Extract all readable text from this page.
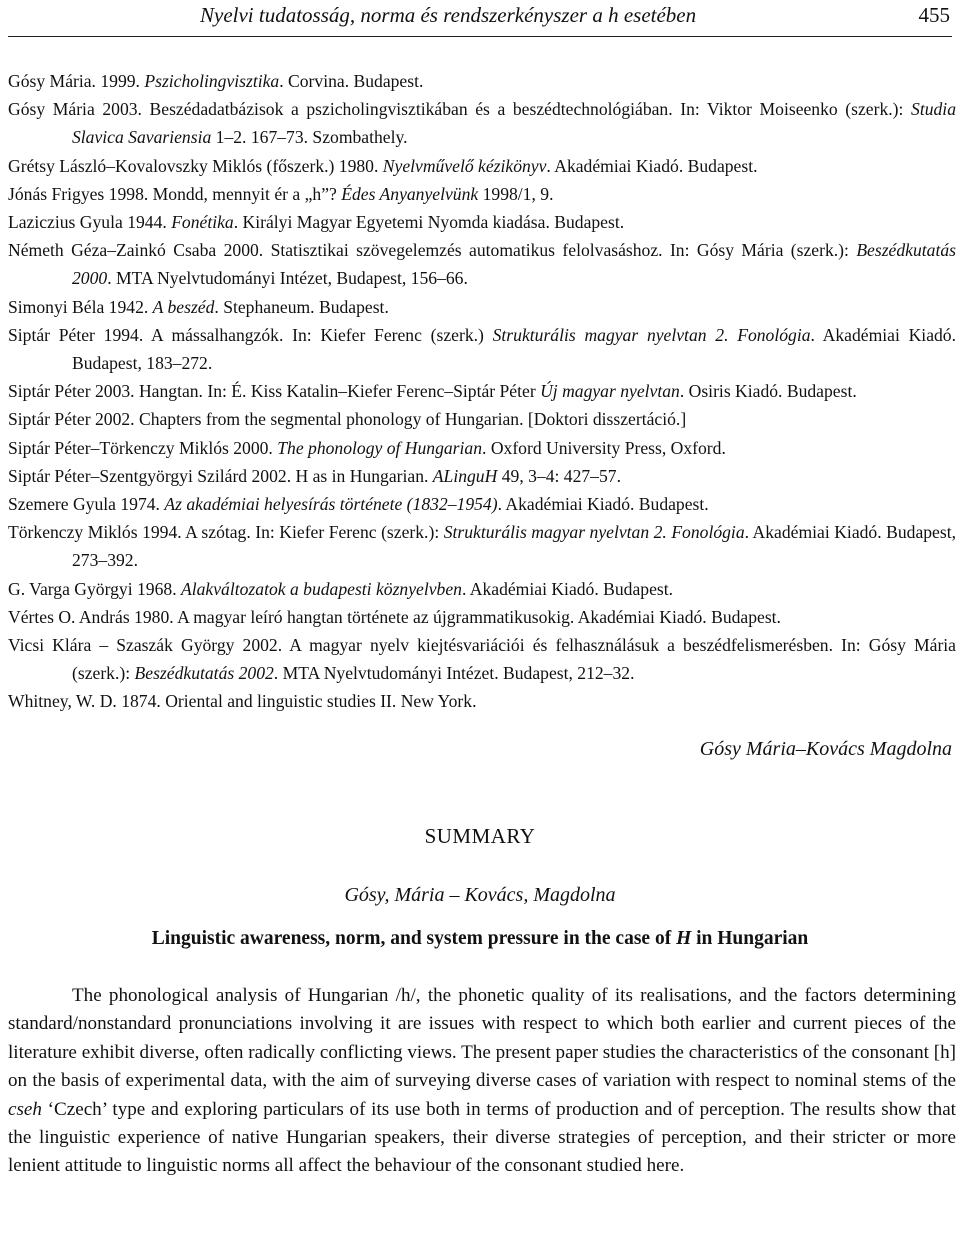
Nyelvi tudatosság, norma és rendszerkényszer a h esetében	455

Gósy Mária. 1999. Pszicholingvisztika. Corvina. Budapest.

Gósy Mária 2003. Beszédadatbázisok a pszicholingvisztikában és a beszédtechnológiában. In: Viktor Moiseenko (szerk.): Studia Slavica Savariensia 1–2. 167–73. Szombathely.

Grétsy László–Kovalovszky Miklós (főszerk.) 1980. Nyelvművelő kézikönyv. Akadémiai Kiadó. Budapest.

Jónás Frigyes 1998. Mondd, mennyit ér a „h”? Édes Anyanyelvünk 1998/1, 9.

Laziczius Gyula 1944. Fonétika. Királyi Magyar Egyetemi Nyomda kiadása. Budapest.

Németh Géza–Zainkó Csaba 2000. Statisztikai szövegelemzés automatikus felolvasáshoz. In: Gósy Mária (szerk.): Beszédkutatás 2000. MTA Nyelvtudományi Intézet, Budapest, 156–66.

Simonyi Béla 1942. A beszéd. Stephaneum. Budapest.

Siptár Péter 1994. A mássalhangzók. In: Kiefer Ferenc (szerk.) Strukturális magyar nyelvtan 2. Fonológia. Akadémiai Kiadó. Budapest, 183–272.

Siptár Péter 2003. Hangtan. In: É. Kiss Katalin–Kiefer Ferenc–Siptár Péter Új magyar nyelvtan. Osiris Kiadó. Budapest.

Siptár Péter 2002. Chapters from the segmental phonology of Hungarian. [Doktori disszertáció.]

Siptár Péter–Törkenczy Miklós 2000. The phonology of Hungarian. Oxford University Press, Oxford.

Siptár Péter–Szentgyörgyi Szilárd 2002. H as in Hungarian. ALinguH 49, 3–4: 427–57.

Szemere Gyula 1974. Az akadémiai helyesírás története (1832–1954). Akadémiai Kiadó. Budapest.

Törkenczy Miklós 1994. A szótag. In: Kiefer Ferenc (szerk.): Strukturális magyar nyelvtan 2. Fonológia. Akadémiai Kiadó. Budapest, 273–392.

G. Varga Györgyi 1968. Alakváltozatok a budapesti köznyelvben. Akadémiai Kiadó. Budapest.

Vértes O. András 1980. A magyar leíró hangtan története az újgrammatikusokig. Akadémiai Kiadó. Budapest.

Vicsi Klára – Szaszák György 2002. A magyar nyelv kiejtésvariációi és felhasználásuk a beszédfelismerésben. In: Gósy Mária (szerk.): Beszédkutatás 2002. MTA Nyelvtudományi Intézet. Budapest, 212–32.

Whitney, W. D. 1874. Oriental and linguistic studies II. New York.

Gósy Mária–Kovács Magdolna
SUMMARY
Gósy, Mária – Kovács, Magdolna
Linguistic awareness, norm, and system pressure in the case of H in Hungarian

The phonological analysis of Hungarian /h/, the phonetic quality of its realisations, and the factors determining standard/nonstandard pronunciations involving it are issues with respect to which both earlier and current pieces of the literature exhibit diverse, often radically conflicting views. The present paper studies the characteristics of the consonant [h] on the basis of experimental data, with the aim of surveying diverse cases of variation with respect to nominal stems of the cseh ‘Czech’ type and exploring particulars of its use both in terms of production and of perception. The results show that the linguistic experience of native Hungarian speakers, their diverse strategies of perception, and their stricter or more lenient attitude to linguistic norms all affect the behaviour of the consonant studied here.
